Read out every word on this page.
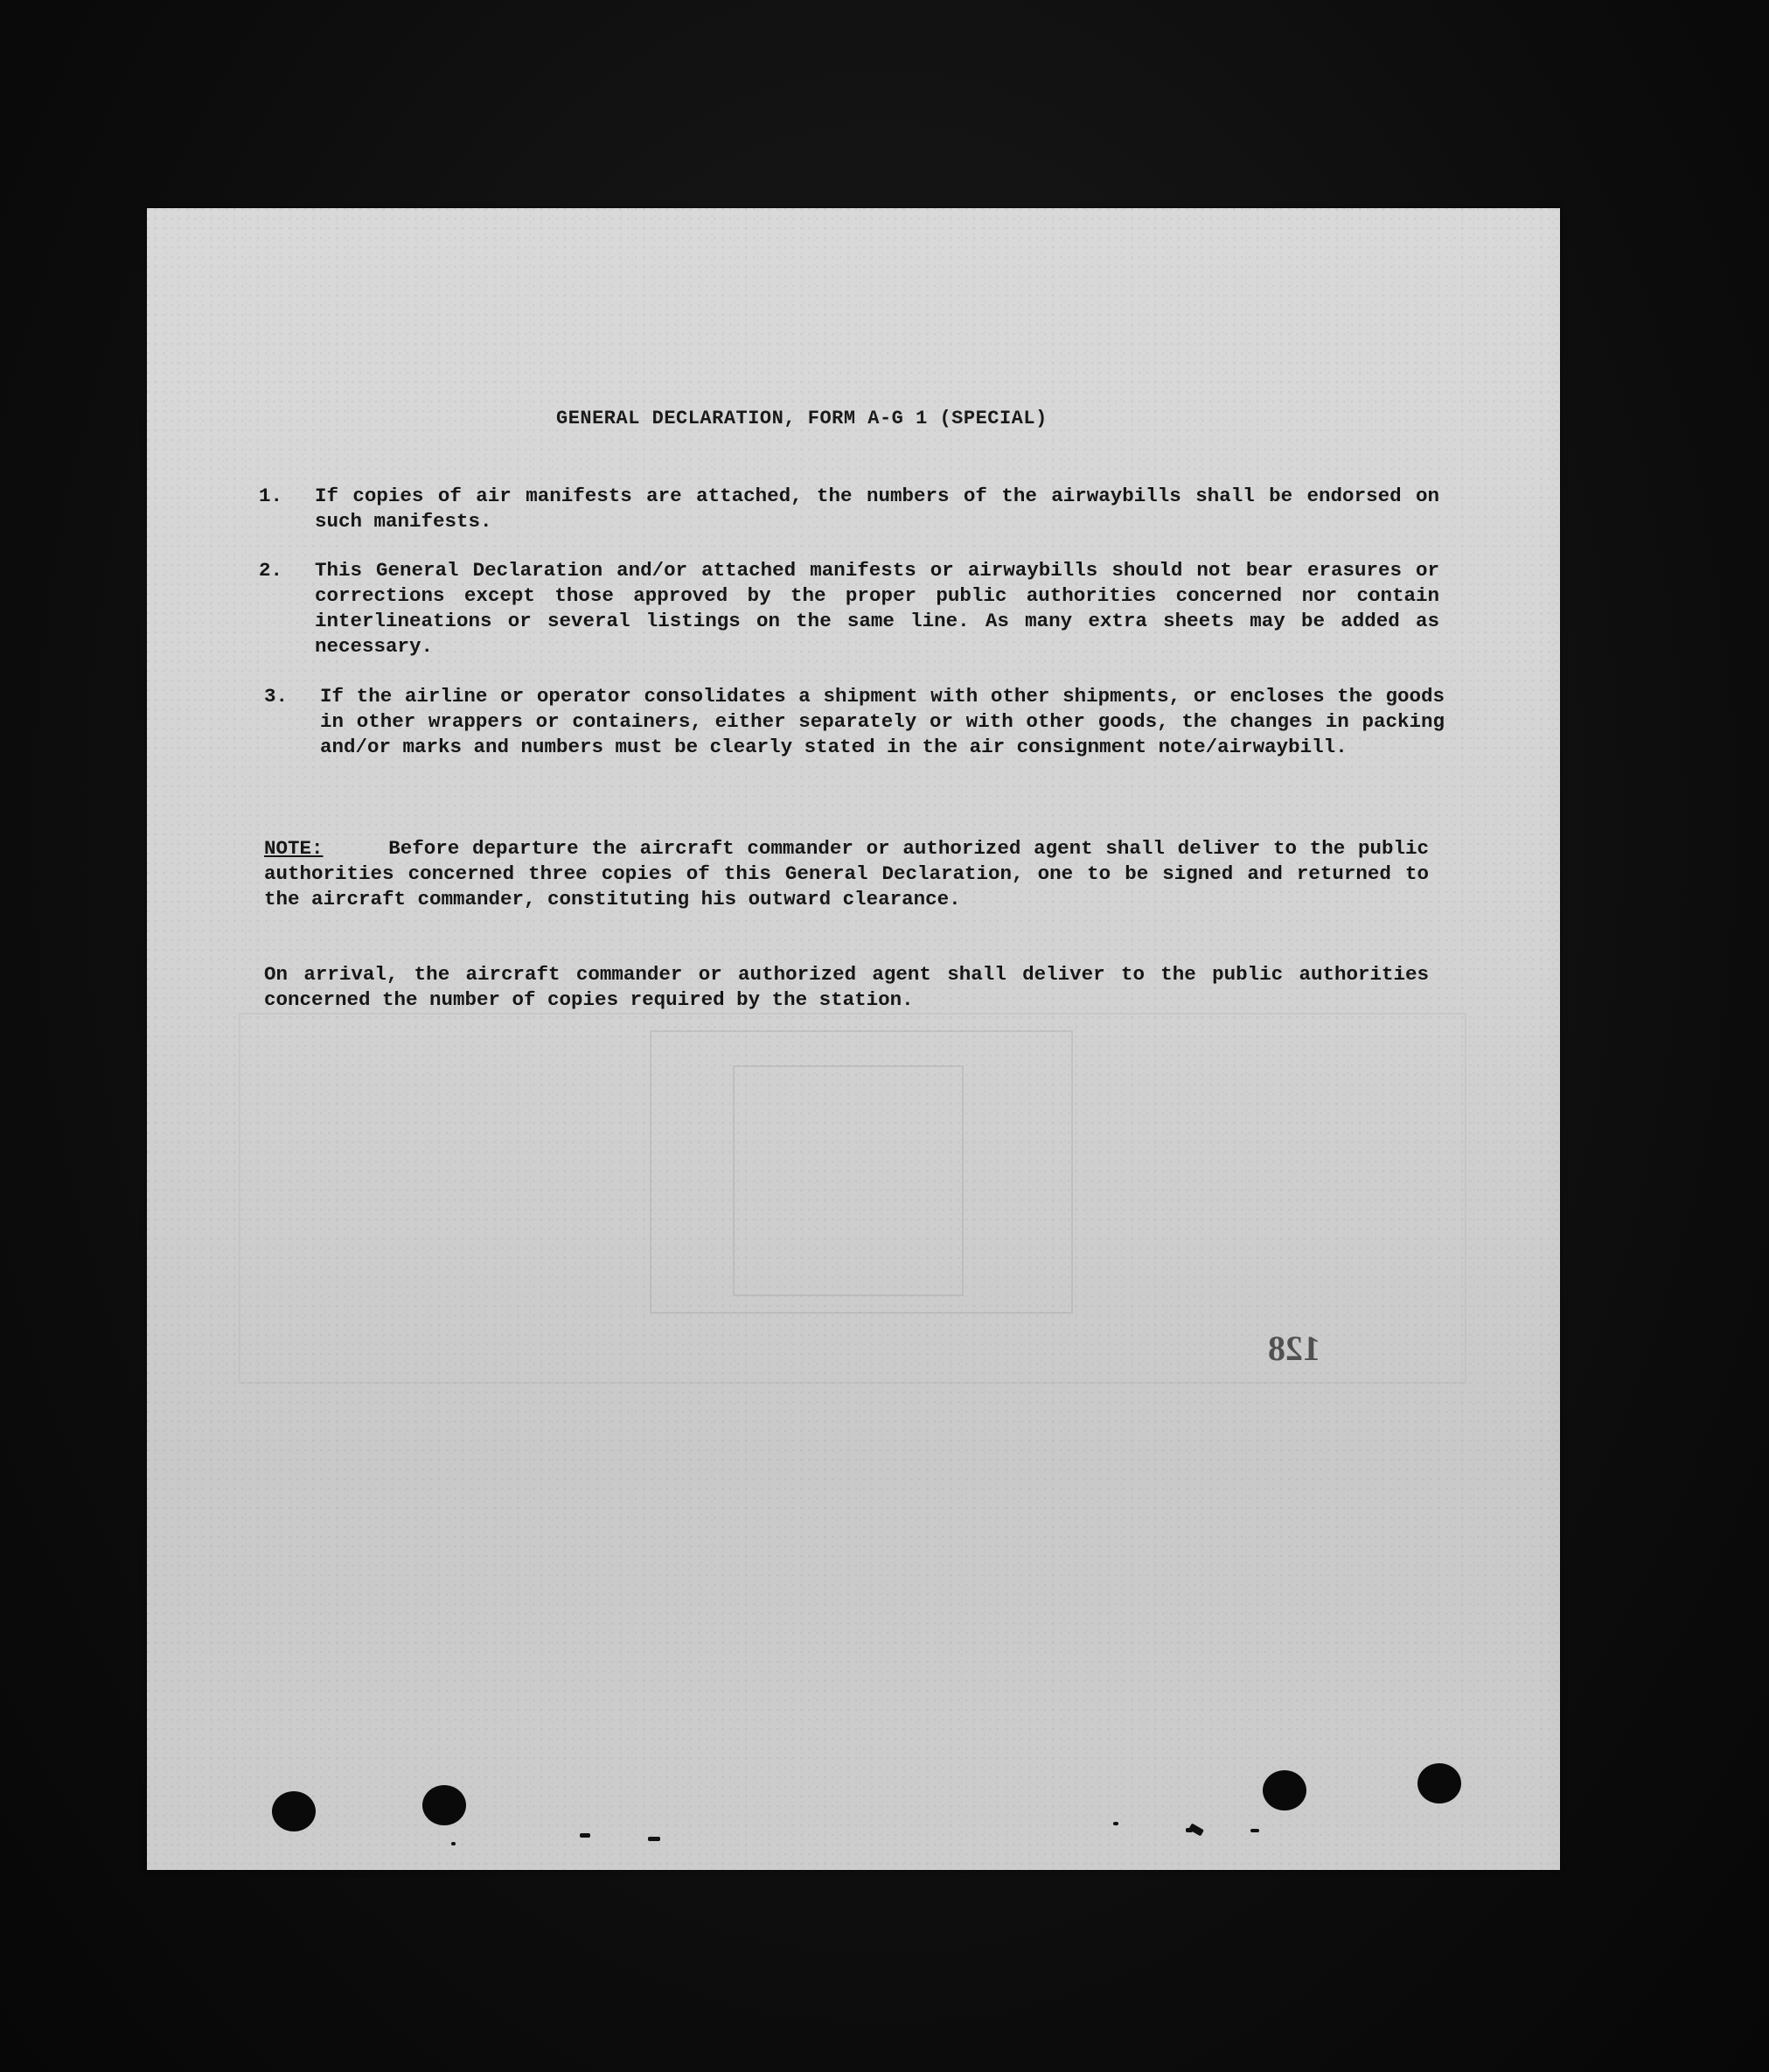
GENERAL DECLARATION, FORM A-G 1 (SPECIAL)
1. If copies of air manifests are attached, the numbers of the airwaybills shall be endorsed on such manifests.
2. This General Declaration and/or attached manifests or airwaybills should not bear erasures or corrections except those approved by the proper public authorities concerned nor contain interlineations or several listings on the same line. As many extra sheets may be added as necessary.
3. If the airline or operator consolidates a shipment with other shipments, or encloses the goods in other wrappers or containers, either separately or with other goods, the changes in packing and/or marks and numbers must be clearly stated in the air consignment note/airwaybill.
NOTE:	Before departure the aircraft commander or authorized agent shall deliver to the public authorities concerned three copies of this General Declaration, one to be signed and returned to the aircraft commander, constituting his outward clearance.
On arrival, the aircraft commander or authorized agent shall deliver to the public authorities concerned the number of copies required by the station.
128
